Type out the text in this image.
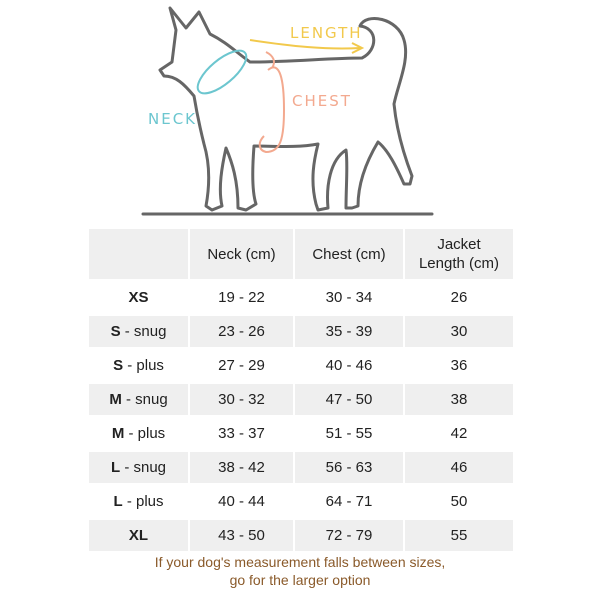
NECK
CHEST
LENGTH
	Neck (cm)	Chest (cm)	Jacket
Length (cm)
XS	19 - 22	30 - 34	26
S - snug	23 - 26	35 - 39	30
S - plus	27 - 29	40 - 46	36
M - snug	30 - 32	47 - 50	38
M - plus	33 - 37	51 - 55	42
L - snug	38 - 42	56 - 63	46
L - plus	40 - 44	64 - 71	50
XL	43 - 50	72 - 79	55
If your dog's measurement falls between sizes,
go for the larger option
